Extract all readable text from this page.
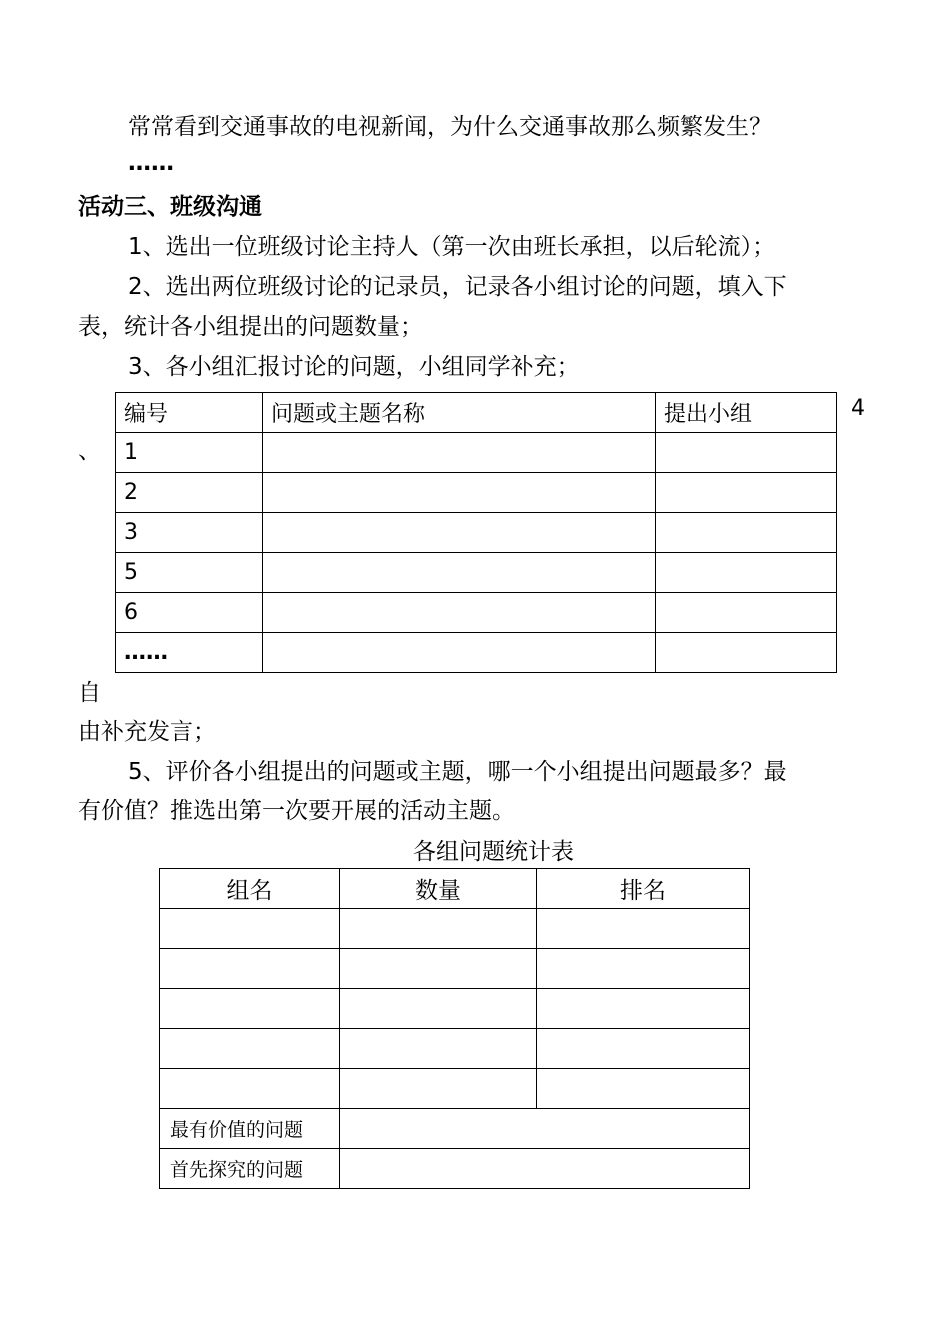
常常看到交通事故的电视新闻，为什么交通事故那么频繁发生？
……
活动三、班级沟通
1、选出一位班级讨论主持人（第一次由班长承担，以后轮流）；
2、选出两位班级讨论的记录员，记录各小组讨论的问题，填入下
表，统计各小组提出的问题数量；
3、各小组汇报讨论的问题，小组同学补充；
4
、
编号	问题或主题名称	提出小组
1		
2		
3		
5		
6		
……		
自
由补充发言；
5、评价各小组提出的问题或主题，哪一个小组提出问题最多？最
有价值？推选出第一次要开展的活动主题。
各组问题统计表
组名	数量	排名

最有价值的问题		
首先探究的问题		
